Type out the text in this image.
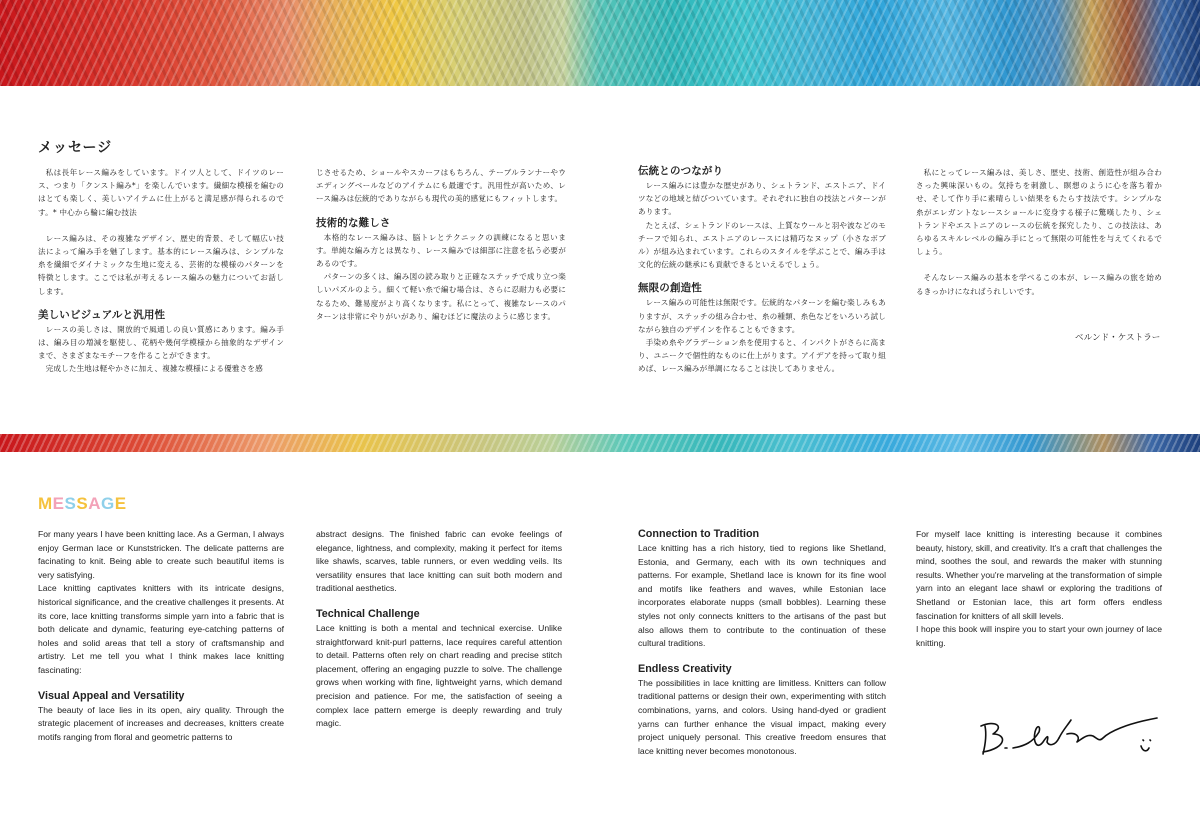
メッセージ

私は長年レース編みをしています。ドイツ人として、ドイツのレース、つまり「クンスト編み*」を楽しんでいます。繊細な模様を編むのはとても楽しく、美しいアイテムに仕上がると満足感が得られるのです。* 中心から輪に編む技法

レース編みは、その複雑なデザイン、歴史的背景、そして幅広い技法によって編み手を魅了します。基本的にレース編みは、シンプルな糸を繊細でダイナミックな生地に変える、芸術的な模様のパターンを特徴とします。ここでは私が考えるレース編みの魅力についてお話しします。

美しいビジュアルと汎用性

レースの美しさは、開放的で風通しの良い質感にあります。編み手は、編み目の増減を駆使し、花柄や幾何学模様から抽象的なデザインまで、さまざまなモチーフを作ることができます。

完成した生地は軽やかさに加え、複雑な模様による優雅さを感

じさせるため、ショールやスカーフはもちろん、テーブルランナーやウエディングベールなどのアイテムにも最適です。汎用性が高いため、レース編みは伝統的でありながらも現代の美的感覚にもフィットします。

技術的な難しさ

本格的なレース編みは、脳トレとテクニックの訓練になると思います。単純な編み方とは異なり、レース編みでは細部に注意を払う必要があるのです。

パターンの多くは、編み図の読み取りと正確なステッチで成り立つ楽しいパズルのよう。細くて軽い糸で編む場合は、さらに忍耐力も必要になるため、難易度がより高くなります。私にとって、複雑なレースのパターンは非常にやりがいがあり、編むほどに魔法のように感じます。

伝統とのつながり

レース編みには豊かな歴史があり、シェトランド、エストニア、ドイツなどの地域と結びついています。それぞれに独自の技法とパターンがあります。

たとえば、シェトランドのレースは、上質なウールと羽や波などのモチーフで知られ、エストニアのレースには精巧なヌップ（小さなボブル）が組み込まれています。これらのスタイルを学ぶことで、編み手は文化的伝統の継承にも貢献できるといえるでしょう。

無限の創造性

レース編みの可能性は無限です。伝統的なパターンを編む楽しみもありますが、ステッチの組み合わせ、糸の種類、糸色などをいろいろ試しながら独自のデザインを作ることもできます。

手染め糸やグラデーション糸を使用すると、インパクトがさらに高まり、ユニークで個性的なものに仕上がります。アイデアを持って取り組めば、レース編みが単調になることは決してありません。

私にとってレース編みは、美しさ、歴史、技術、創造性が組み合わさった興味深いもの。気持ちを刺激し、瞑想のように心を落ち着かせ、そして作り手に素晴らしい結果をもたらす技法です。シンプルな糸がエレガントなレースショールに変身する様子に驚嘆したり、シェトランドやエストニアのレースの伝統を探究したり、この技法は、あらゆるスキルレベルの編み手にとって無限の可能性を与えてくれるでしょう。

そんなレース編みの基本を学べるこの本が、レース編みの旅を始めるきっかけになればうれしいです。

ベルンド・ケストラー
MESSAGE

For many years I have been knitting lace. As a German, I always enjoy German lace or Kunststricken. The delicate patterns are facinating to knit. Being able to create such beautiful items is very satisfying.

Lace knitting captivates knitters with its intricate designs, historical significance, and the creative challenges it presents. At its core, lace knitting transforms simple yarn into a fabric that is both delicate and dynamic, featuring eye-catching patterns of holes and solid areas that tell a story of craftsmanship and artistry. Let me tell you what I think makes lace knitting fascinating:

Visual Appeal and Versatility

The beauty of lace lies in its open, airy quality. Through the strategic placement of increases and decreases, knitters create motifs ranging from floral and geometric patterns to

abstract designs. The finished fabric can evoke feelings of elegance, lightness, and complexity, making it perfect for items like shawls, scarves, table runners, or even wedding veils. Its versatility ensures that lace knitting can suit both modern and traditional aesthetics.

Technical Challenge

Lace knitting is both a mental and technical exercise. Unlike straightforward knit-purl patterns, lace requires careful attention to detail. Patterns often rely on chart reading and precise stitch placement, offering an engaging puzzle to solve. The challenge grows when working with fine, lightweight yarns, which demand precision and patience. For me, the satisfaction of seeing a complex lace pattern emerge is deeply rewarding and truly magic.

Connection to Tradition

Lace knitting has a rich history, tied to regions like Shetland, Estonia, and Germany, each with its own techniques and patterns. For example, Shetland lace is known for its fine wool and motifs like feathers and waves, while Estonian lace incorporates elaborate nupps (small bobbles). Learning these styles not only connects knitters to the artisans of the past but also allows them to contribute to the continuation of these cultural traditions.

Endless Creativity

The possibilities in lace knitting are limitless. Knitters can follow traditional patterns or design their own, experimenting with stitch combinations, yarns, and colors. Using hand-dyed or gradient yarns can further enhance the visual impact, making every project uniquely personal. This creative freedom ensures that lace knitting never becomes monotonous.

For myself lace knitting is interesting because it combines beauty, history, skill, and creativity. It's a craft that challenges the mind, soothes the soul, and rewards the maker with stunning results. Whether you're marveling at the transformation of simple yarn into an elegant lace shawl or exploring the traditions of Shetland or Estonian lace, this art form offers endless fascination for knitters of all skill levels.

I hope this book will inspire you to start your own journey of lace knitting.
